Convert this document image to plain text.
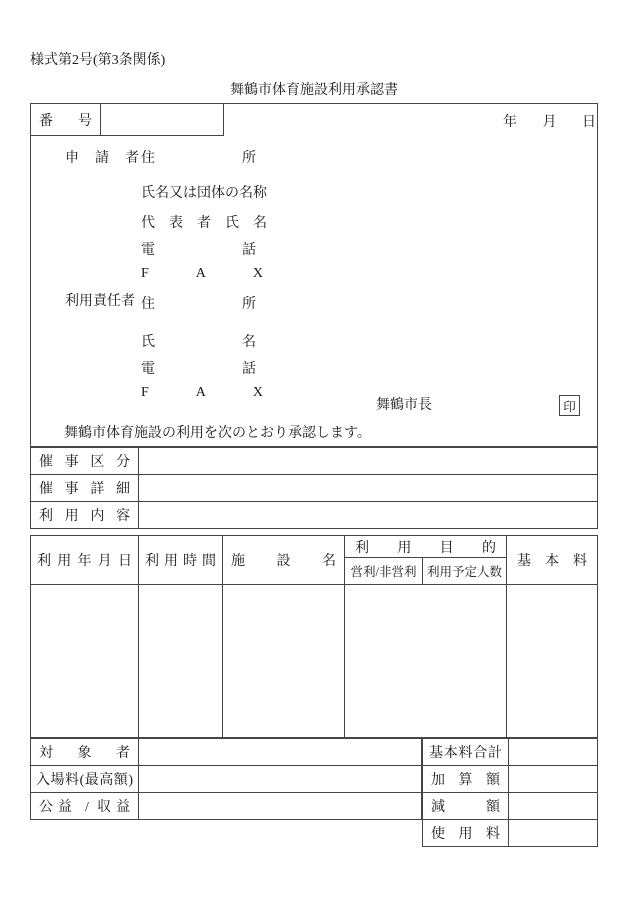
様式第2号(第3条関係)
舞鶴市体育施設利用承認書
番号	年月日
申請者 住所
氏名又は団体の名称
代表者氏名
電話
F A X
利用責任者 住所
氏名
電話
F A X
舞鶴市長	印
舞鶴市体育施設の利用を次のとおり承認します。
催事区分
催事詳細
利用内容
利用年月日 利用時間 施設名
利用目的
営利/非営利 利用予定人数
基本料
対象者
入場料(最高額)
公益 / 収益
基本料合計
加算額
減額
使用料
